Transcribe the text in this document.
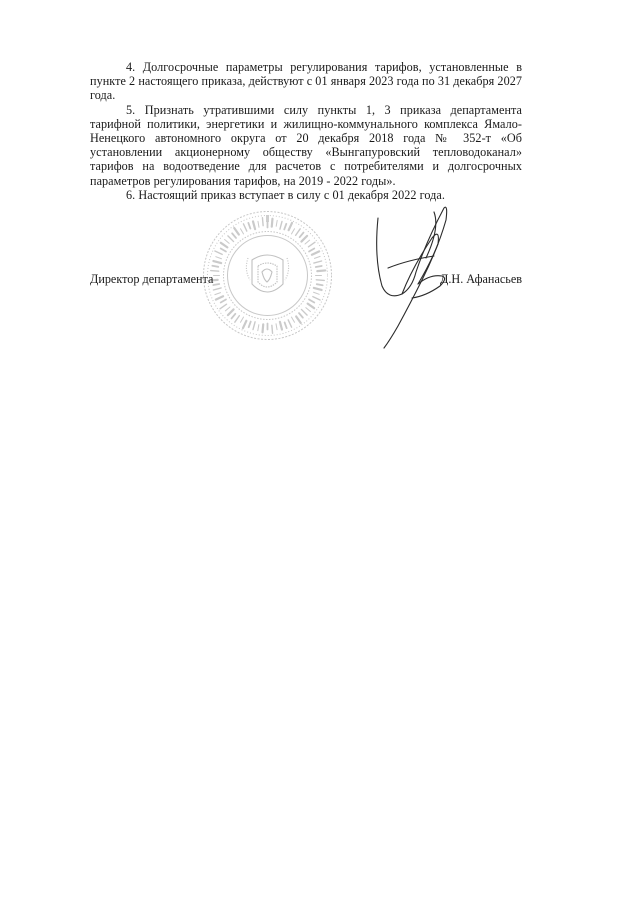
4. Долгосрочные параметры регулирования тарифов, установленные в пункте 2 настоящего приказа, действуют с 01 января 2023 года по 31 декабря 2027 года.

5. Признать утратившими силу пункты 1, 3 приказа департамента тарифной политики, энергетики и жилищно-коммунального комплекса Ямало-Ненецкого автономного округа от 20 декабря 2018 года № 352-т «Об установлении акционерному обществу «Вынгапуровский тепловодоканал» тарифов на водоотведение для расчетов с потребителями и долгосрочных параметров регулирования тарифов, на 2019 - 2022 годы».

6. Настоящий приказ вступает в силу с 01 декабря 2022 года.

Директор департамента	Д.Н. Афанасьев
